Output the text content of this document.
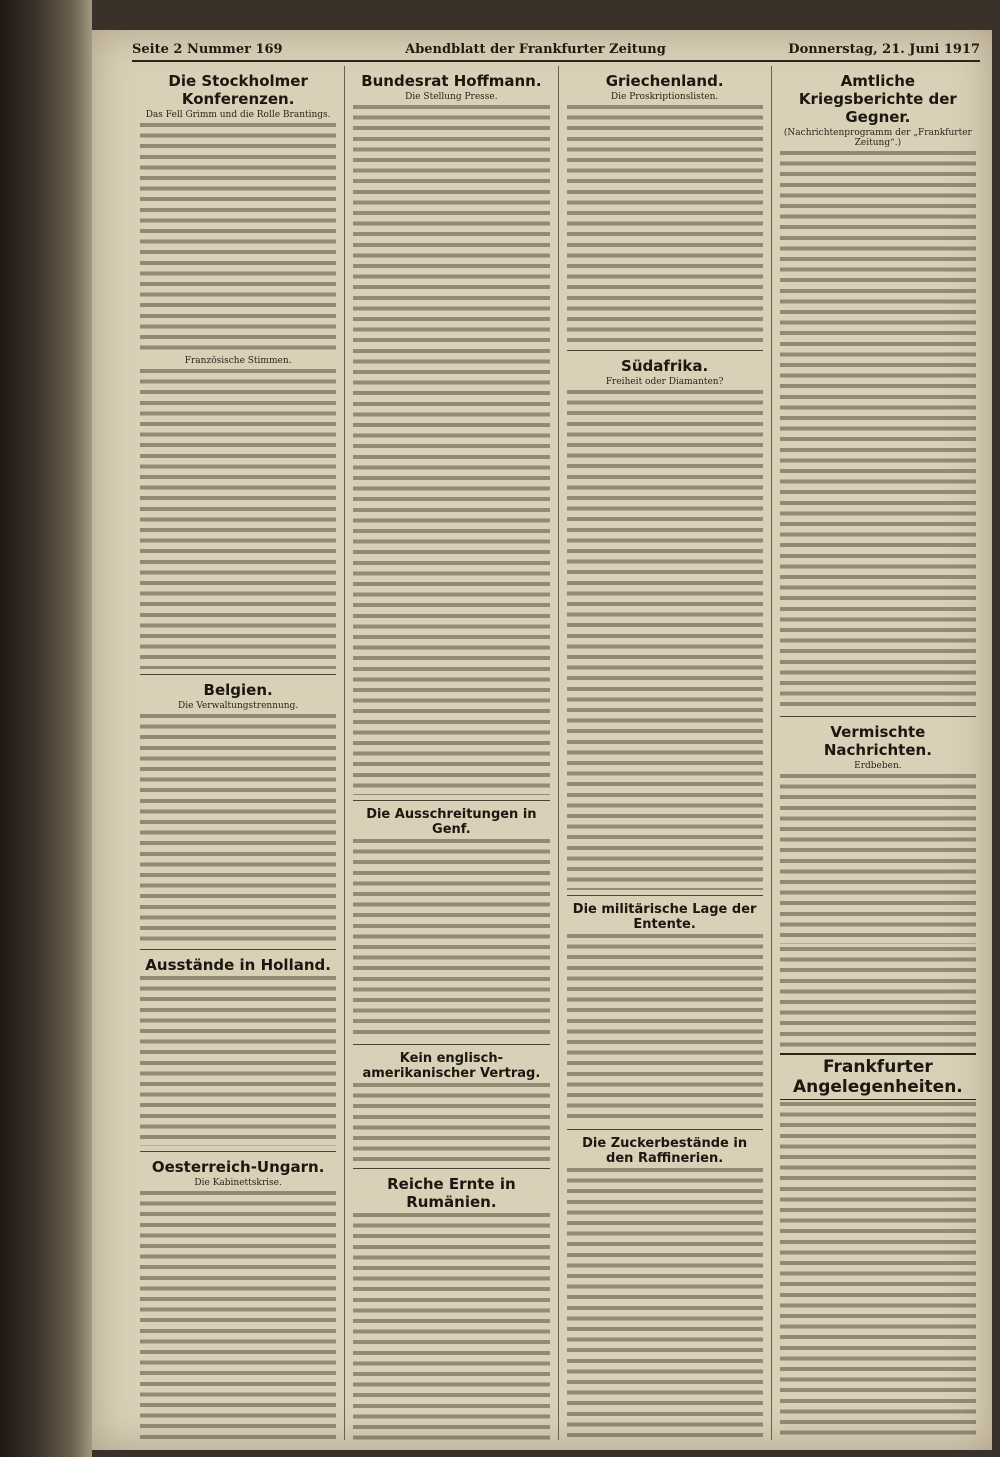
Seite 2 Nummer 169	Abendblatt der Frankfurter Zeitung	Donnerstag, 21. Juni 1917
Die Stockholmer Konferenzen.
Das Fell Grimm und die Rolle Brantings.
Französische Stimmen.
Belgien.
Die Verwaltungstrennung.
Ausstände in Holland.
Oesterreich-Ungarn.
Die Kabinettskrise.
Bundesrat Hoffmann.
Die Stellung Presse.
Die Ausschreitungen in Genf.
Kein englisch-amerikanischer Vertrag.
Reiche Ernte in Rumänien.
Griechenland.
Die Proskriptionslisten.
Südafrika.
Freiheit oder Diamanten?
Die militärische Lage der Entente.
Die Zuckerbestände in den Raffinerien.
Amtliche Kriegsberichte der Gegner.
(Nachrichtenprogramm der „Frankfurter Zeitung“.)
Vermischte Nachrichten.
Erdbeben.
Frankfurter Angelegenheiten.
